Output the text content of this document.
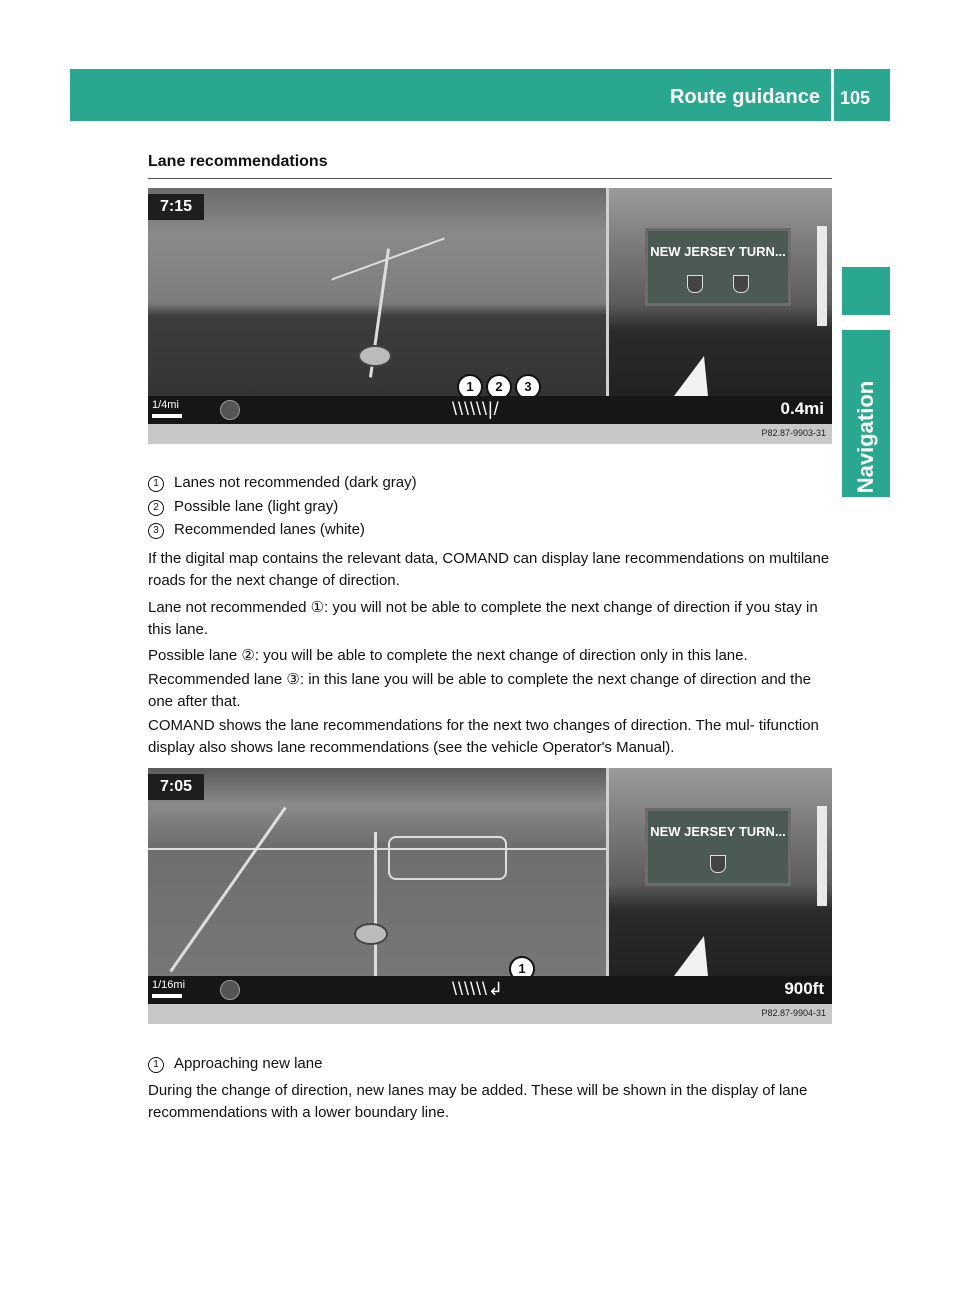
Route guidance 105
Navigation
Lane recommendations
1	2	3
NEW JERSEY TURN...
7:15
1/4mi	\\\\\\|/	0.4mi
P82.87-9903-31
1 Lanes not recommended (dark gray)
2 Possible lane (light gray)
3 Recommended lanes (white)
If the digital map contains the relevant data, COMAND can display lane recommendations on multilane roads for the next change of direction.
Lane not recommended ①: you will not be able to complete the next change of direction if you stay in this lane.
Possible lane ②: you will be able to complete the next change of direction only in this lane.
Recommended lane ③: in this lane you will be able to complete the next change of direction and the one after that.
COMAND shows the lane recommendations for the next two changes of direction. The mul- tifunction display also shows lane recommendations (see the vehicle Operator's Manual).
1
NEW JERSEY TURN...
7:05
1/16mi	\\\\\\↲	900ft
P82.87-9904-31
1 Approaching new lane
During the change of direction, new lanes may be added. These will be shown in the display of lane recommendations with a lower boundary line.
